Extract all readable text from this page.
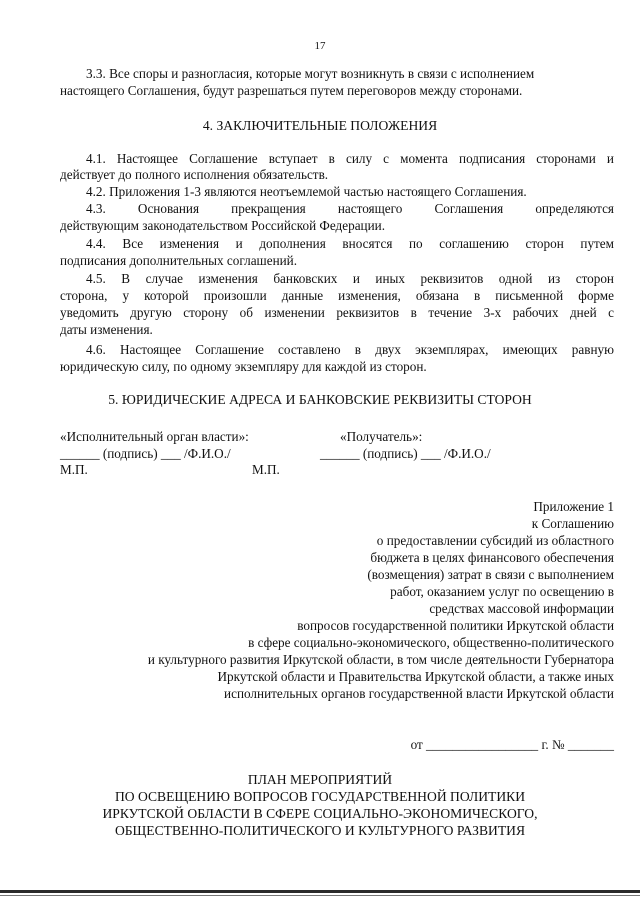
17
3.3. Все споры и разногласия, которые могут возникнуть в связи с исполнением
настоящего Соглашения, будут разрешаться путем переговоров между сторонами.
4. ЗАКЛЮЧИТЕЛЬНЫЕ ПОЛОЖЕНИЯ
4.1. Настоящее Соглашение вступает в силу с момента подписания сторонами и
действует до полного исполнения обязательств.
4.2. Приложения 1-3 являются неотъемлемой частью настоящего Соглашения.
4.3.   Основания   прекращения   настоящего   Соглашения   определяются
действующим законодательством Российской Федерации.
4.4. Все изменения и дополнения вносятся по соглашению сторон путем
подписания дополнительных соглашений.
4.5. В случае изменения банковских и иных реквизитов одной из сторон
сторона, у которой произошли данные изменения, обязана в письменной форме
уведомить другую сторону об изменении реквизитов в течение 3-х рабочих дней с
даты изменения.
4.6. Настоящее Соглашение составлено в двух экземплярах, имеющих равную
юридическую силу, по одному экземпляру для каждой из сторон.
5. ЮРИДИЧЕСКИЕ АДРЕСА И БАНКОВСКИЕ РЕКВИЗИТЫ СТОРОН
«Исполнительный орган власти»:	«Получатель»:
______ (подпись) ___ /Ф.И.О./	______ (подпись) ___ /Ф.И.О./
М.П.	М.П.
Приложение 1
к Соглашению
о предоставлении субсидий из областного
бюджета в целях финансового обеспечения
(возмещения) затрат в связи с выполнением
работ, оказанием услуг по освещению в
средствах массовой информации
вопросов государственной политики Иркутской области
в сфере социально-экономического, общественно-политического
и культурного развития Иркутской области, в том числе деятельности Губернатора
Иркутской области и Правительства Иркутской области, а также иных
исполнительных органов государственной власти Иркутской области
от _________________ г. № _______
ПЛАН МЕРОПРИЯТИЙ
ПО ОСВЕЩЕНИЮ ВОПРОСОВ ГОСУДАРСТВЕННОЙ ПОЛИТИКИ
ИРКУТСКОЙ ОБЛАСТИ В СФЕРЕ СОЦИАЛЬНО-ЭКОНОМИЧЕСКОГО,
ОБЩЕСТВЕННО-ПОЛИТИЧЕСКОГО И КУЛЬТУРНОГО РАЗВИТИЯ
